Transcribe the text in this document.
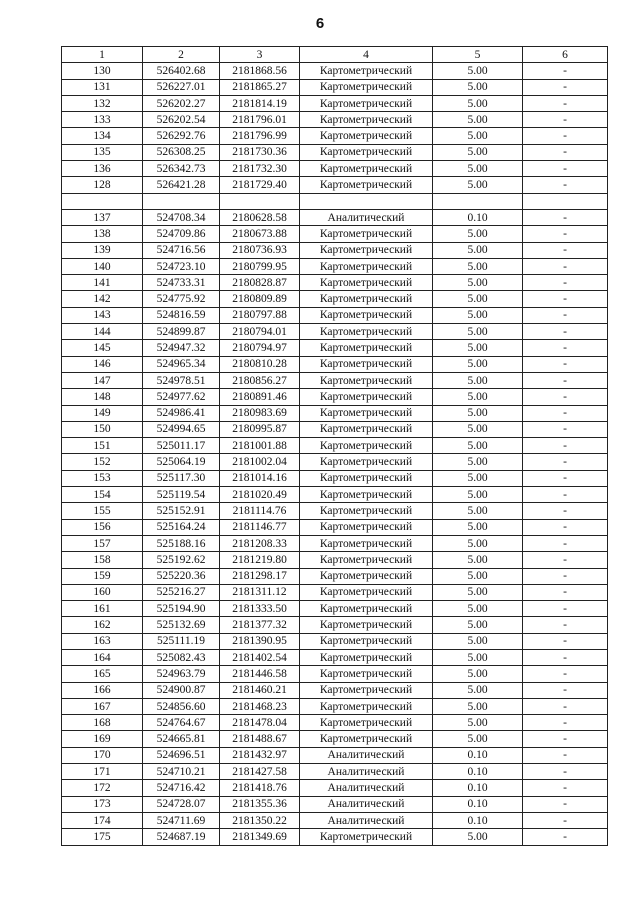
6
1	2	3	4	5	6
130	526402.68	2181868.56	Картометрический	5.00	-
131	526227.01	2181865.27	Картометрический	5.00	-
132	526202.27	2181814.19	Картометрический	5.00	-
133	526202.54	2181796.01	Картометрический	5.00	-
134	526292.76	2181796.99	Картометрический	5.00	-
135	526308.25	2181730.36	Картометрический	5.00	-
136	526342.73	2181732.30	Картометрический	5.00	-
128	526421.28	2181729.40	Картометрический	5.00	-

137	524708.34	2180628.58	Аналитический	0.10	-
138	524709.86	2180673.88	Картометрический	5.00	-
139	524716.56	2180736.93	Картометрический	5.00	-
140	524723.10	2180799.95	Картометрический	5.00	-
141	524733.31	2180828.87	Картометрический	5.00	-
142	524775.92	2180809.89	Картометрический	5.00	-
143	524816.59	2180797.88	Картометрический	5.00	-
144	524899.87	2180794.01	Картометрический	5.00	-
145	524947.32	2180794.97	Картометрический	5.00	-
146	524965.34	2180810.28	Картометрический	5.00	-
147	524978.51	2180856.27	Картометрический	5.00	-
148	524977.62	2180891.46	Картометрический	5.00	-
149	524986.41	2180983.69	Картометрический	5.00	-
150	524994.65	2180995.87	Картометрический	5.00	-
151	525011.17	2181001.88	Картометрический	5.00	-
152	525064.19	2181002.04	Картометрический	5.00	-
153	525117.30	2181014.16	Картометрический	5.00	-
154	525119.54	2181020.49	Картометрический	5.00	-
155	525152.91	2181114.76	Картометрический	5.00	-
156	525164.24	2181146.77	Картометрический	5.00	-
157	525188.16	2181208.33	Картометрический	5.00	-
158	525192.62	2181219.80	Картометрический	5.00	-
159	525220.36	2181298.17	Картометрический	5.00	-
160	525216.27	2181311.12	Картометрический	5.00	-
161	525194.90	2181333.50	Картометрический	5.00	-
162	525132.69	2181377.32	Картометрический	5.00	-
163	525111.19	2181390.95	Картометрический	5.00	-
164	525082.43	2181402.54	Картометрический	5.00	-
165	524963.79	2181446.58	Картометрический	5.00	-
166	524900.87	2181460.21	Картометрический	5.00	-
167	524856.60	2181468.23	Картометрический	5.00	-
168	524764.67	2181478.04	Картометрический	5.00	-
169	524665.81	2181488.67	Картометрический	5.00	-
170	524696.51	2181432.97	Аналитический	0.10	-
171	524710.21	2181427.58	Аналитический	0.10	-
172	524716.42	2181418.76	Аналитический	0.10	-
173	524728.07	2181355.36	Аналитический	0.10	-
174	524711.69	2181350.22	Аналитический	0.10	-
175	524687.19	2181349.69	Картометрический	5.00	-
